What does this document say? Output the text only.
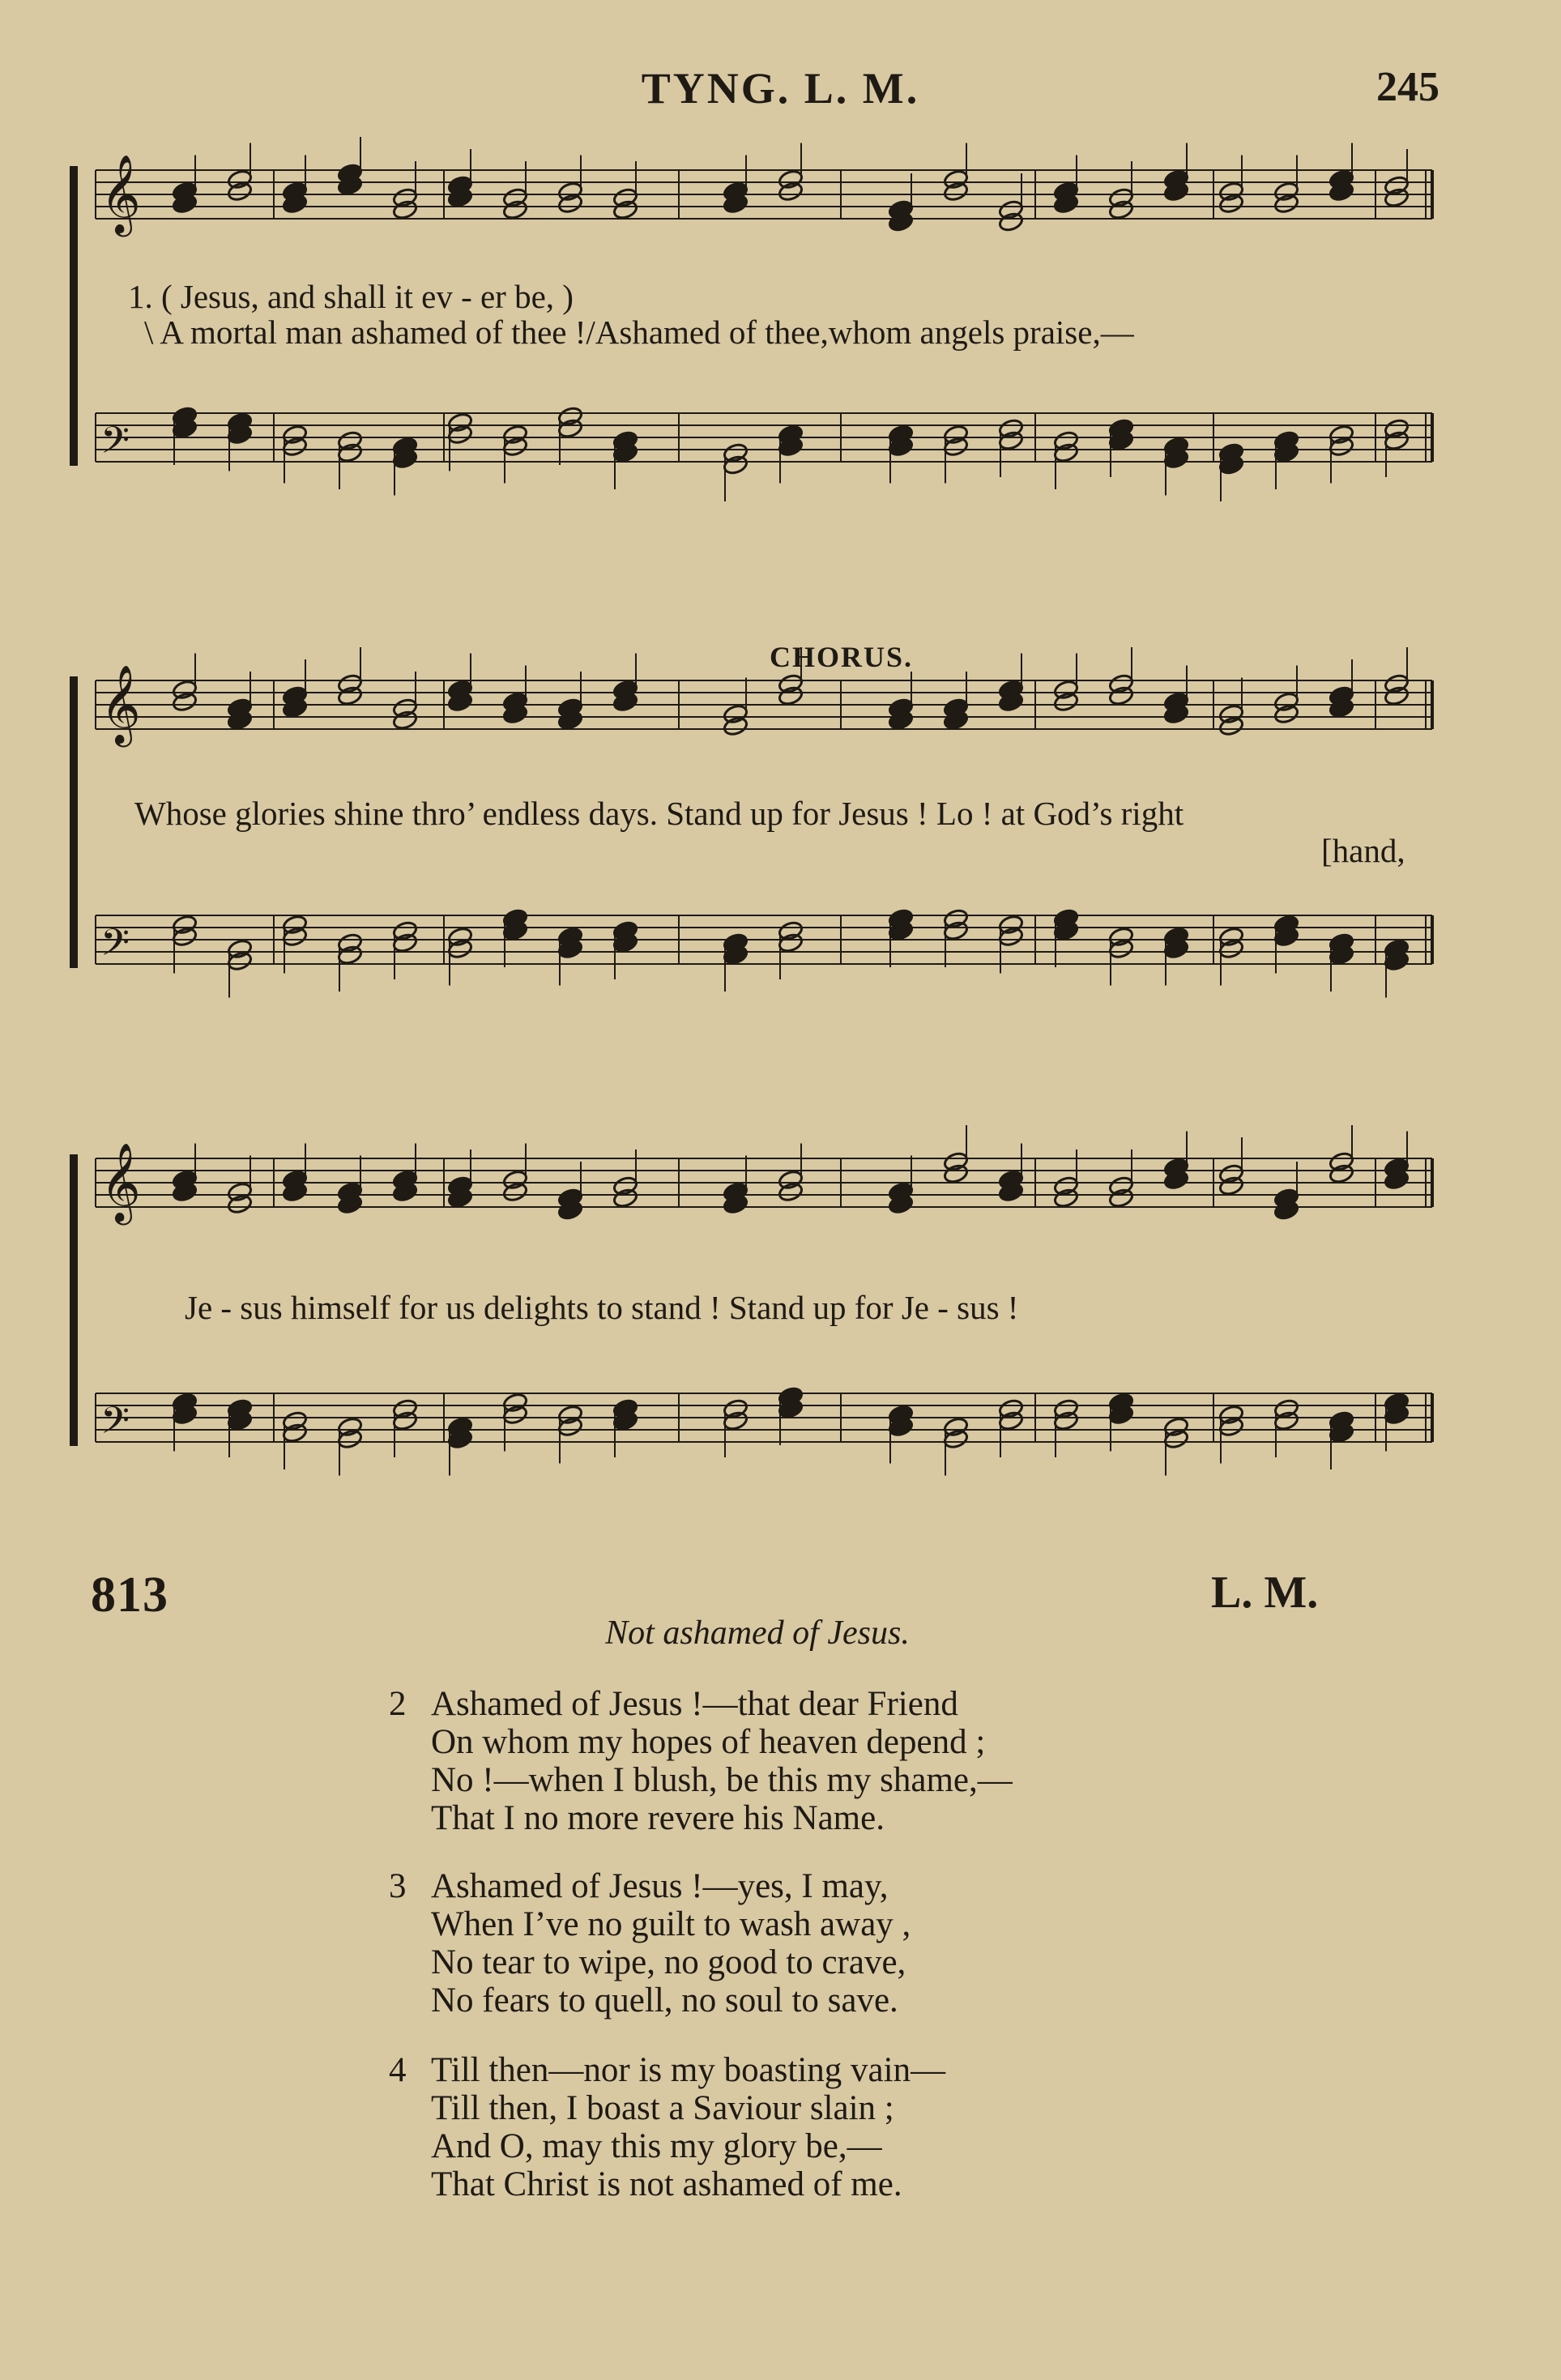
TYNG. L. M.	245
𝄞
𝄢
1. ( Jesus, and shall it ev - er be, )
\ A mortal man ashamed of thee !/Ashamed of thee,whom angels praise,—
𝄞
𝄢
CHORUS.
Whose glories shine thro’ endless days. Stand up for Jesus ! Lo ! at God’s right
[hand,
𝄞
𝄢
Je - sus himself for us delights to stand ! Stand up for Je - sus !
813	L. M.
Not ashamed of Jesus.
2 Ashamed of Jesus !—that dear Friend
On whom my hopes of heaven depend ;
No !—when I blush, be this my shame,—
That I no more revere his Name.
3 Ashamed of Jesus !—yes, I may,
When I’ve no guilt to wash away ,
No tear to wipe, no good to crave,
No fears to quell, no soul to save.
4 Till then—nor is my boasting vain—
Till then, I boast a Saviour slain ;
And O, may this my glory be,—
That Christ is not ashamed of me.
